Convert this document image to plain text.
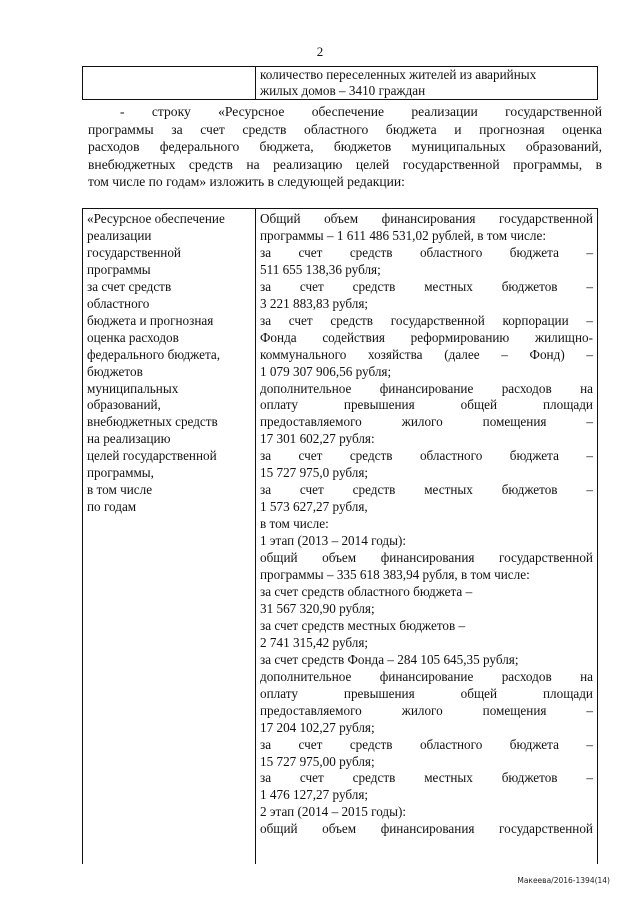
2
количество переселенных жителей из аварийных
жилых домов – 3410 граждан
- строку «Ресурсное обеспечение реализации государственной
программы за счет средств областного бюджета и прогнозная оценка
расходов федерального бюджета, бюджетов муниципальных образований,
внебюджетных средств на реализацию целей государственной программы, в
том числе по годам» изложить в следующей редакции:
«Ресурсное обеспечение
реализации
государственной
программы
за счет средств
областного
бюджета и прогнозная
оценка расходов
федерального бюджета,
бюджетов
муниципальных
образований,
внебюджетных средств
на реализацию
целей государственной
программы,
в том числе
по годам
Общий объем финансирования государственной
программы – 1 611 486 531,02 рублей, в том числе:
за счет средств областного бюджета –
511 655 138,36 рубля;
за счет средств местных бюджетов –
3 221 883,83 рубля;
за счет средств государственной корпорации –
Фонда содействия реформированию жилищно-
коммунального хозяйства (далее – Фонд) –
1 079 307 906,56 рубля;
дополнительное финансирование расходов на
оплату превышения общей площади
предоставляемого жилого помещения –
17 301 602,27 рубля:
за счет средств областного бюджета –
15 727 975,0 рубля;
за счет средств местных бюджетов –
1 573 627,27 рубля,
в том числе:
1 этап (2013 – 2014 годы):
общий объем финансирования государственной
программы – 335 618 383,94 рубля, в том числе:
за счет средств областного бюджета –
31 567 320,90 рубля;
за счет средств местных бюджетов –
2 741 315,42 рубля;
за счет средств Фонда – 284 105 645,35 рубля;
дополнительное финансирование расходов на
оплату превышения общей площади
предоставляемого жилого помещения –
17 204 102,27 рубля;
за счет средств областного бюджета –
15 727 975,00 рубля;
за счет средств местных бюджетов –
1 476 127,27 рубля;
2 этап (2014 – 2015 годы):
общий объем финансирования государственной
Макеева/2016-1394(14)
